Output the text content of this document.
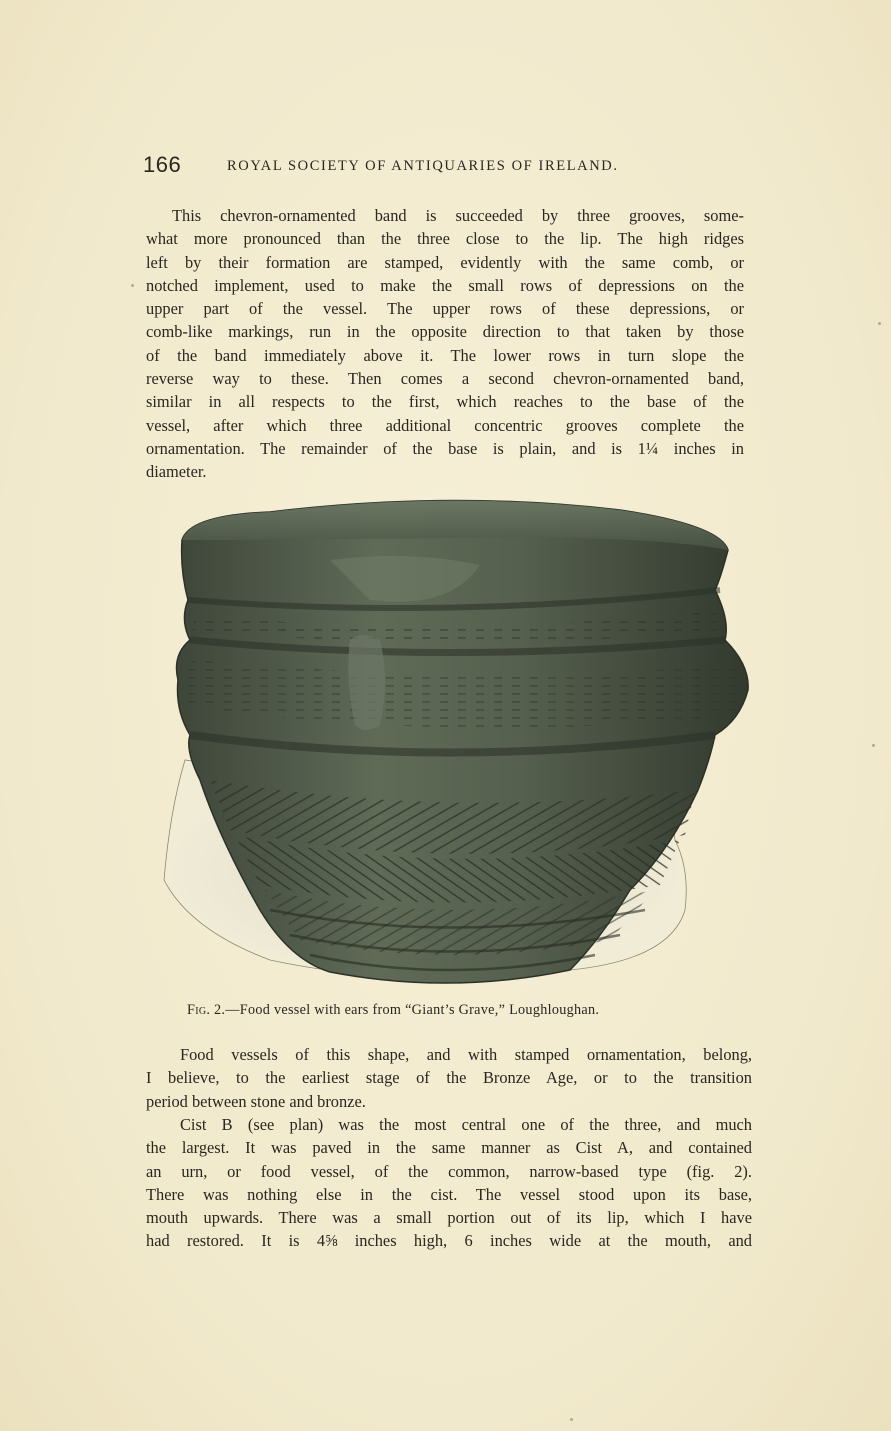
166	ROYAL SOCIETY OF ANTIQUARIES OF IRELAND.
This chevron-ornamented band is succeeded by three grooves, some-
what more pronounced than the three close to the lip. The high ridges
left by their formation are stamped, evidently with the same comb, or
notched implement, used to make the small rows of depressions on the
upper part of the vessel. The upper rows of these depressions, or
comb-like markings, run in the opposite direction to that taken by those
of the band immediately above it. The lower rows in turn slope the
reverse way to these. Then comes a second chevron-ornamented band,
similar in all respects to the first, which reaches to the base of the
vessel, after which three additional concentric grooves complete the
ornamentation. The remainder of the base is plain, and is 1¼ inches in
diameter.
Fig. 2.—Food vessel with ears from “Giant’s Grave,” Loughloughan.
Food vessels of this shape, and with stamped ornamentation, belong,
I believe, to the earliest stage of the Bronze Age, or to the transition
period between stone and bronze.
Cist B (see plan) was the most central one of the three, and much
the largest. It was paved in the same manner as Cist A, and contained
an urn, or food vessel, of the common, narrow-based type (fig. 2).
There was nothing else in the cist. The vessel stood upon its base,
mouth upwards. There was a small portion out of its lip, which I have
had restored. It is 4⅝ inches high, 6 inches wide at the mouth, and
